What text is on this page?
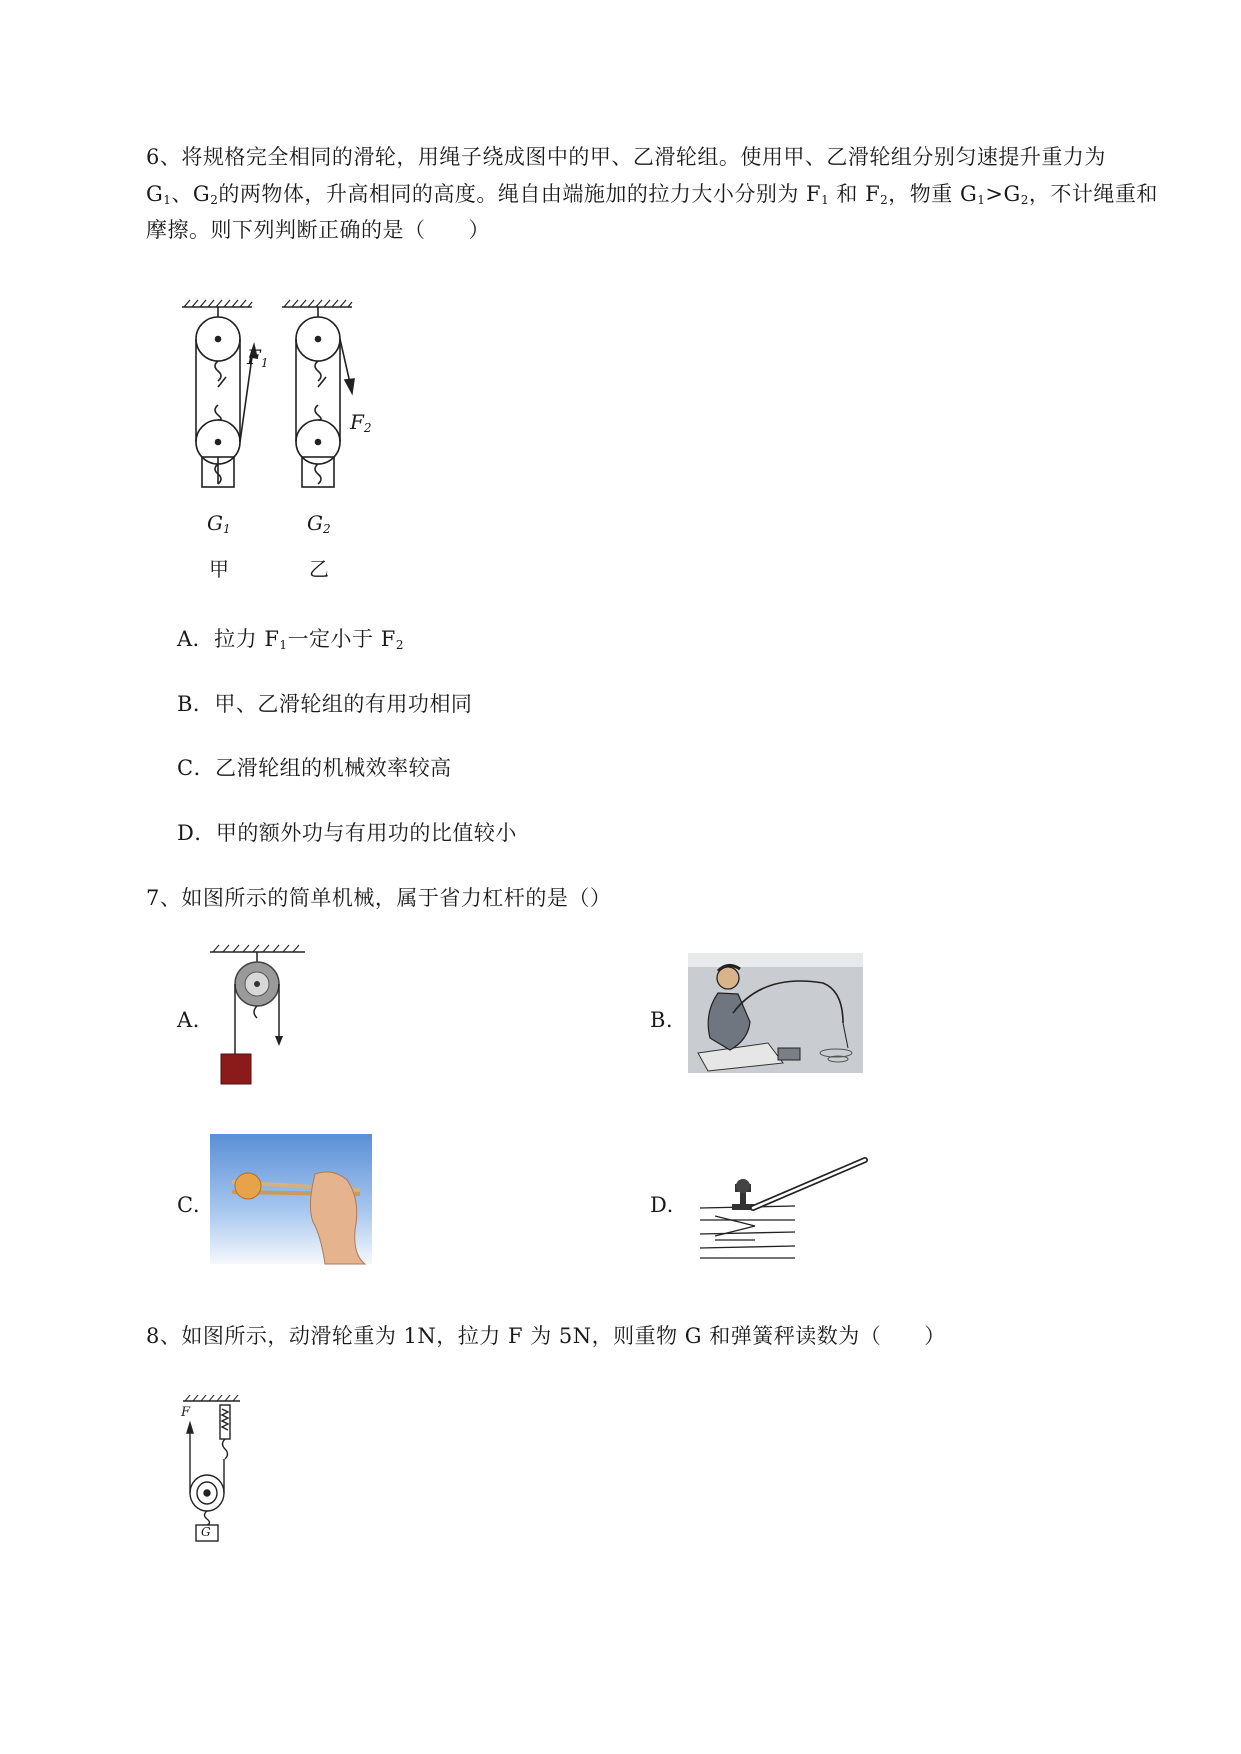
6、将规格完全相同的滑轮，用绳子绕成图中的甲、乙滑轮组。使用甲、乙滑轮组分别匀速提升重力为
$G_1$、$G_2$的两物体，升高相同的高度。绳自由端施加的拉力大小分别为 $F_1$ 和 $F_2$，物重 $G_1>G_2$，不计绳重和
摩擦。则下列判断正确的是（　　）
$F_1$
$F_2$
$G_1$	$G_2$
甲	乙
A．拉力 $F_1$一定小于 $F_2$
B．甲、乙滑轮组的有用功相同
C．乙滑轮组的机械效率较高
D．甲的额外功与有用功的比值较小
7、如图所示的简单机械，属于省力杠杆的是（）
A.	B.
C.	D.
8、如图所示，动滑轮重为 1N，拉力 F 为 5N，则重物 G 和弹簧秤读数为（　　）
F
G
